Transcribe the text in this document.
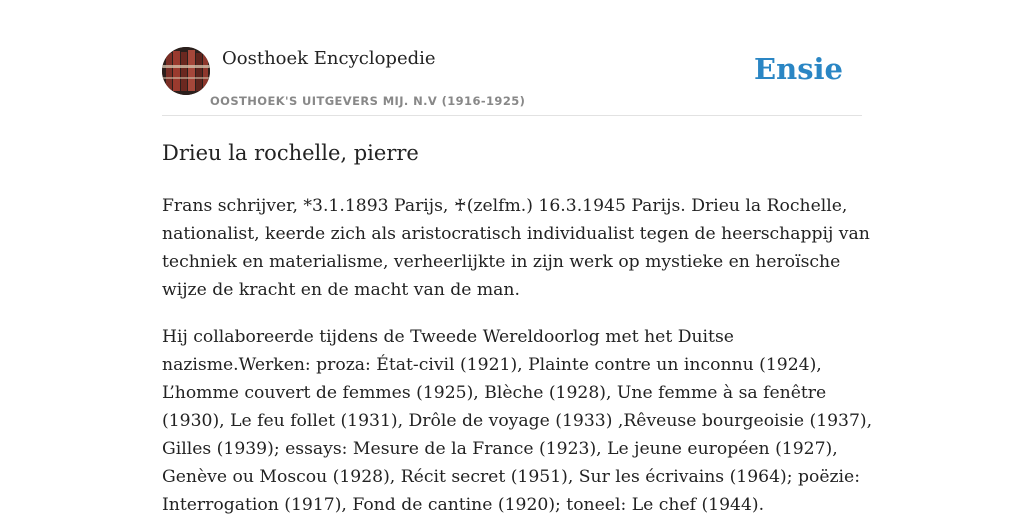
Oosthoek Encyclopedie
OOSTHOEK'S UITGEVERS MIJ. N.V (1916-1925)
Ensie
Drieu la rochelle, pierre

Frans schrijver, *3.1.1893 Parijs, ♰(zelfm.) 16.3.1945 Parijs. Drieu la Rochelle, nationalist, keerde zich als aristocratisch individualist tegen de heerschappij van techniek en materialisme, verheerlijkte in zijn werk op mystieke en heroïsche wijze de kracht en de macht van de man.

Hij collaboreerde tijdens de Tweede Wereldoorlog met het Duitse nazisme.Werken: proza: État-civil (1921), Plainte contre un inconnu (1924), L’homme couvert de femmes (1925), Blèche (1928), Une femme à sa fenêtre (1930), Le feu follet (1931), Drôle de voyage (1933) ,Rêveuse bourgeoisie (1937), Gilles (1939); essays: Mesure de la France (1923), Le jeune européen (1927), Genève ou Moscou (1928), Récit secret (1951), Sur les écrivains (1964); poëzie: Interrogation (1917), Fond de cantine (1920); toneel: Le chef (1944).
